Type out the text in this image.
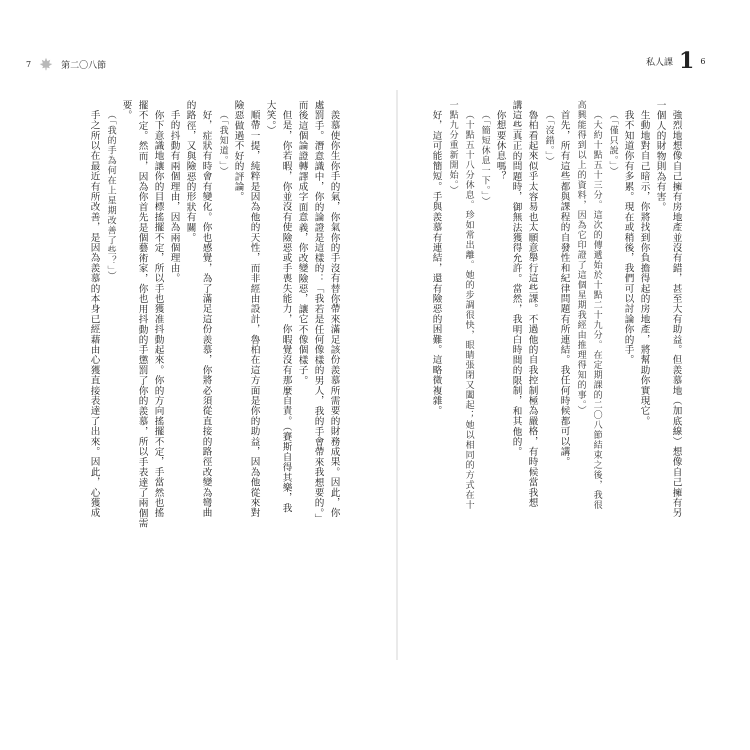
7	第二〇八節	私人課 1 6
強烈地想像自己擁有房地產並沒有錯，甚至大有助益。但羨慕地（加底線）想像自己擁有另
一個人的財物則為有害。
生動地對自己暗示，你將找到你負擔得起的房地產，將幫助你實現它。
我不知道你有多累。現在或稍後，我們可以討論你的手。
（「僅只說。」）
（大約十點五十三分。這次的傳遞始於十點二十九分。在定期課的二〇八節結束之後，我很
高興能得到以上的資料，因為它印證了這個星期我經由推理得知的事。）
首先，所有這些都與課程的自發性和紀律問題有所連結。我任何時候都可以講。
（「沒錯。」）
魯柏看起來似乎太容易也太願意舉行這些課。不過他的自我控制極為嚴格，有時候當我想
講這些真正的問題時，御無法獲得允許。當然，我明白時間的限制，和其他的。
你想要休息嗎？
（「簡短休息一下。」）
（十點五十八分休息。珍如常出離。她的步調很快，眼睛張閉又闔起；她以相同的方式在十
一點九分重新開始。）
好，這可能簡短。手與羨慕有連結，還有險惡的困難。這略微複雜。
羨慕使你生你手的氣，你氣你的手沒有替你帶來滿足該份羨慕所需要的財務成果。因此，你
處罰手。潛意識中，你的論證是這樣的：「我若是任何像樣的男人，我的手會帶來我想要的。」
而後這個論證轉譯成字面意義，你改變險惡，讓它不像個樣子。
但是，你若暇，你並沒有使險惡或手喪失能力，你暇覺沒有那麼自責。（賽斯自得其樂，我
大笑。）
順帶一提，純粹是因為他的天性，而非經由設計，魯柏在這方面是你的助益，因為他從來對
險惡做過不好的評論。
（「我知道。」）
好，症狀有時會有變化。你也感覺，為了滿足這份羨慕，你將必須從直接的路徑改變為彎曲
的路徑，又與險惡的形狀有關。
手的抖動有兩個理由，因為兩個理由。
你下意識地讓你的目標搖擺不定，所以手也獲准抖動起來。你的方向搖擺不定，手當然也搖
擺不定。然而，因為你首先是個藝術家，你也用抖動的手懲罰了你的羨慕，所以手表達了兩個需
要。
（「我的手為何在上星期改善了些？」）
手之所以在最近有所改善，是因為羨慕的本身已經藉由心獲直接表達了出來。因此，心獲成
